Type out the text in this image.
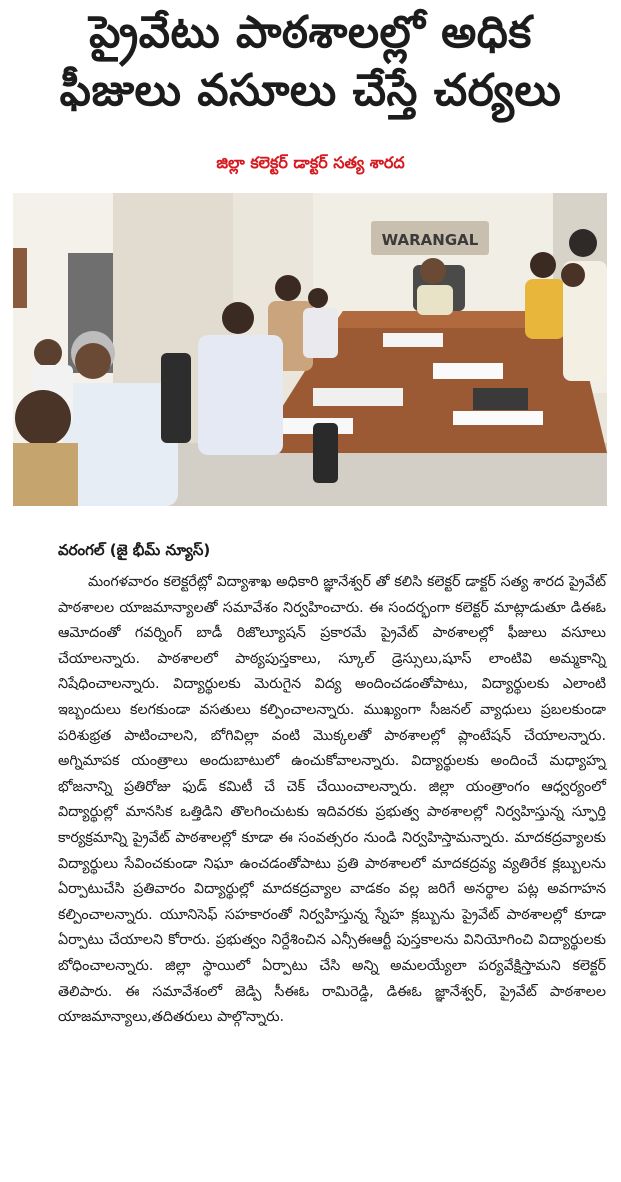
ప్రైవేటు పాఠశాలల్లో అధిక
ఫీజులు వసూలు చేస్తే చర్యలు
జిల్లా కలెక్టర్ డాక్టర్ సత్య శారద
WARANGAL
వరంగల్ (జై భీమ్ న్యూస్)

మంగళవారం కలెక్టరేట్లో విద్యాశాఖ అధికారి జ్ఞానేశ్వర్ తో కలిసి కలెక్టర్ డాక్టర్ సత్య శారద ప్రైవేట్ పాఠశాలల యాజమాన్యాలతో సమావేశం నిర్వహించారు. ఈ సందర్భంగా కలెక్టర్ మాట్లాడుతూ డిఈఓ ఆమోదంతో గవర్నింగ్ బాడీ రిజొల్యూషన్ ప్రకారమే ప్రైవేట్ పాఠశాలల్లో ఫీజులు వసూలు చేయాలన్నారు. పాఠశాలలో పాఠ్యపుస్తకాలు, స్కూల్ డ్రెస్సులు,షూస్ లాంటివి అమ్మకాన్ని నిషేధించాలన్నారు. విద్యార్థులకు మెరుగైన విద్య అందించడంతోపాటు, విద్యార్థులకు ఎలాంటి ఇబ్బందులు కలగకుండా వసతులు కల్పించాలన్నారు. ముఖ్యంగా సీజనల్ వ్యాధులు ప్రబలకుండా పరిశుభ్రత పాటించాలని, బోగివిల్లా వంటి మొక్కలతో పాఠశాలల్లో ప్లాంటేషన్ చేయాలన్నారు. అగ్నిమాపక యంత్రాలు అందుబాటులో ఉంచుకోవాలన్నారు. విద్యార్థులకు అందించే మధ్యాహ్న భోజనాన్ని ప్రతిరోజు ఫుడ్ కమిటీ చే చెక్ చేయించాలన్నారు. జిల్లా యంత్రాంగం ఆధ్వర్యంలో విద్యార్థుల్లో మానసిక ఒత్తిడిని తొలగించుటకు ఇదివరకు ప్రభుత్వ పాఠశాలల్లో నిర్వహిస్తున్న స్ఫూర్తి కార్యక్రమాన్ని ప్రైవేట్ పాఠశాలల్లో కూడా ఈ సంవత్సరం నుండి నిర్వహిస్తామన్నారు. మాదకద్రవ్యాలకు విద్యార్థులు సేవించకుండా నిఘా ఉంచడంతోపాటు ప్రతి పాఠశాలలో మాదకద్రవ్య వ్యతిరేక క్లబ్బులను ఏర్పాటుచేసి ప్రతివారం విద్యార్థుల్లో మాదకద్రవ్యాల వాడకం వల్ల జరిగే అనర్థాల పట్ల అవగాహన కల్పించాలన్నారు. యూనిసెఫ్ సహకారంతో నిర్వహిస్తున్న స్నేహ క్లబ్బును ప్రైవేట్ పాఠశాలల్లో కూడా ఏర్పాటు చేయాలని కోరారు. ప్రభుత్వం నిర్దేశించిన ఎన్సీఈఆర్టీ పుస్తకాలను వినియోగించి విద్యార్థులకు బోధించాలన్నారు. జిల్లా స్థాయిలో ఏర్పాటు చేసి అన్ని అమలయ్యేలా పర్యవేక్షిస్తామని కలెక్టర్ తెలిపారు. ఈ సమావేశంలో జెడ్పి సీఈఓ రామిరెడ్డి, డిఈఓ జ్ఞానేశ్వర్, ప్రైవేట్ పాఠశాలల యాజమాన్యాలు,తదితరులు పాల్గొన్నారు.
